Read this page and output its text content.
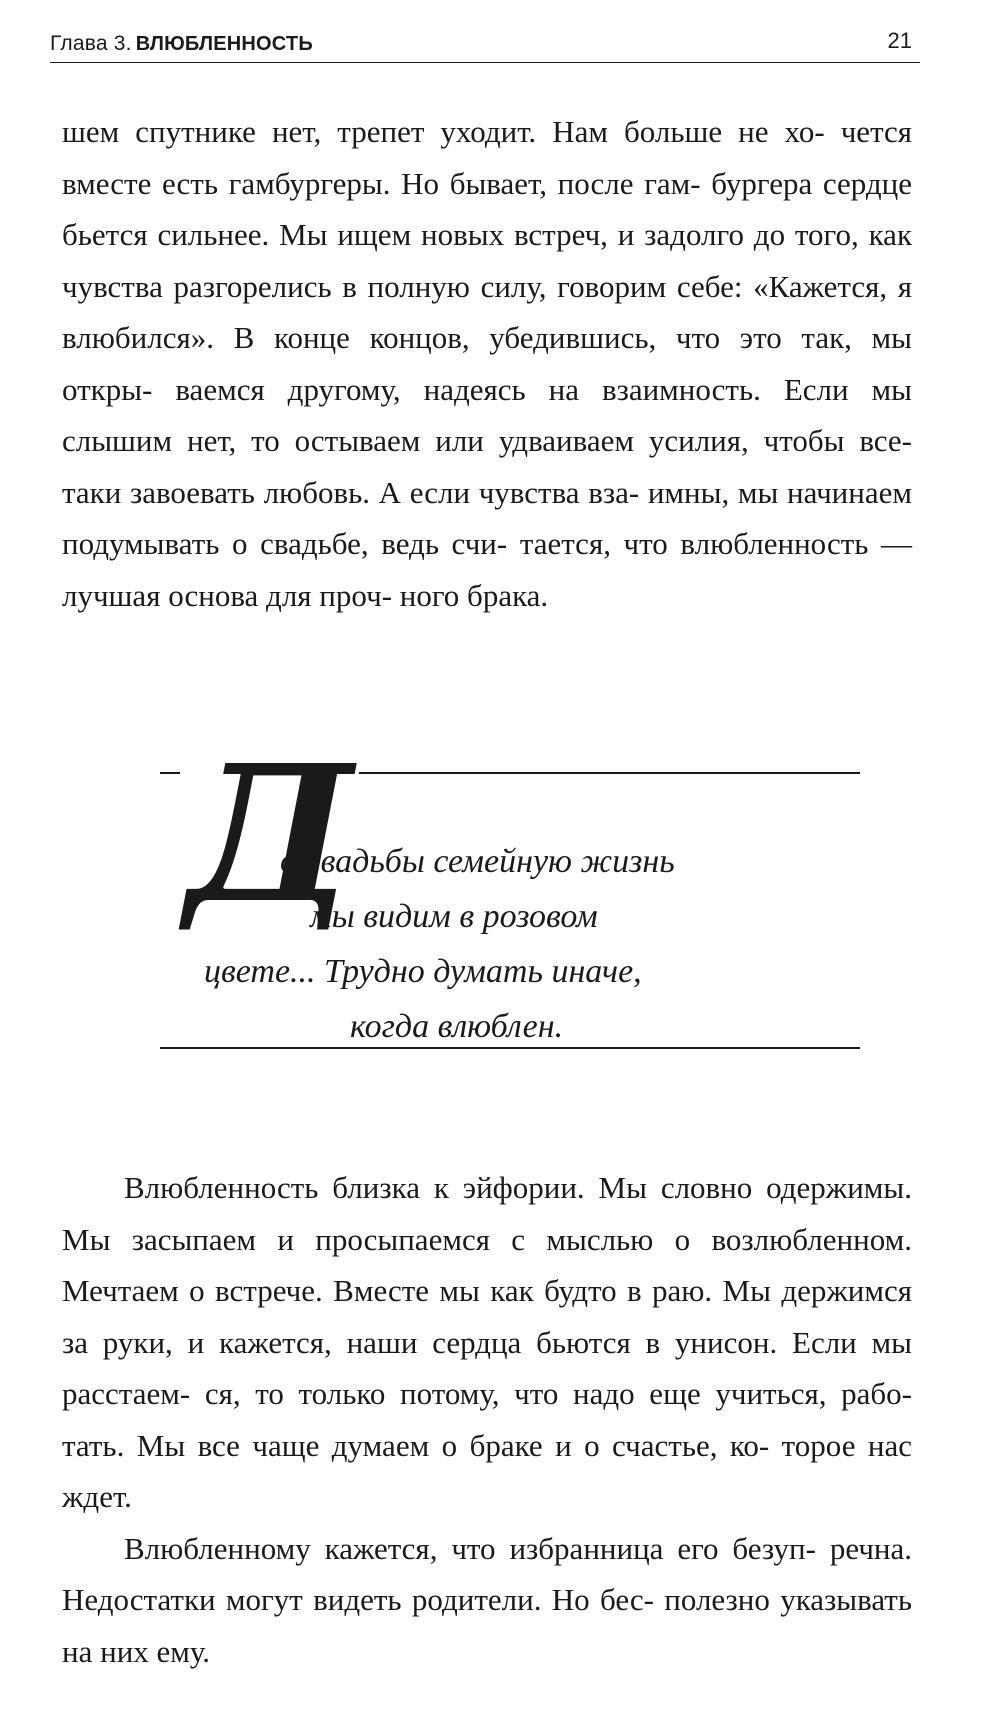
Глава 3. ВЛЮБЛЕННОСТЬ	21

шем спутнике нет, трепет уходит. Нам больше не хо- чется вместе есть гамбургеры. Но бывает, после гам- бургера сердце бьется сильнее. Мы ищем новых встреч, и задолго до того, как чувства разгорелись в полную силу, говорим себе: «Кажется, я влюбился». В конце концов, убедившись, что это так, мы откры- ваемся другому, надеясь на взаимность. Если мы слышим нет, то остываем или удваиваем усилия, чтобы все-таки завоевать любовь. А если чувства вза- имны, мы начинаем подумывать о свадьбе, ведь счи- тается, что влюбленность — лучшая основа для проч- ного брака.

Д
о свадьбы семейную жизнь
мы видим в розовом
цвете... Трудно думать иначе,
когда влюблен.

Влюбленность близка к эйфории. Мы словно одержимы. Мы засыпаем и просыпаемся с мыслью о возлюбленном. Мечтаем о встрече. Вместе мы как будто в раю. Мы держимся за руки, и кажется, наши сердца бьются в унисон. Если мы расстаем- ся, то только потому, что надо еще учиться, рабо- тать. Мы все чаще думаем о браке и о счастье, ко- торое нас ждет.

Влюбленному кажется, что избранница его безуп- речна. Недостатки могут видеть родители. Но бес- полезно указывать на них ему.
